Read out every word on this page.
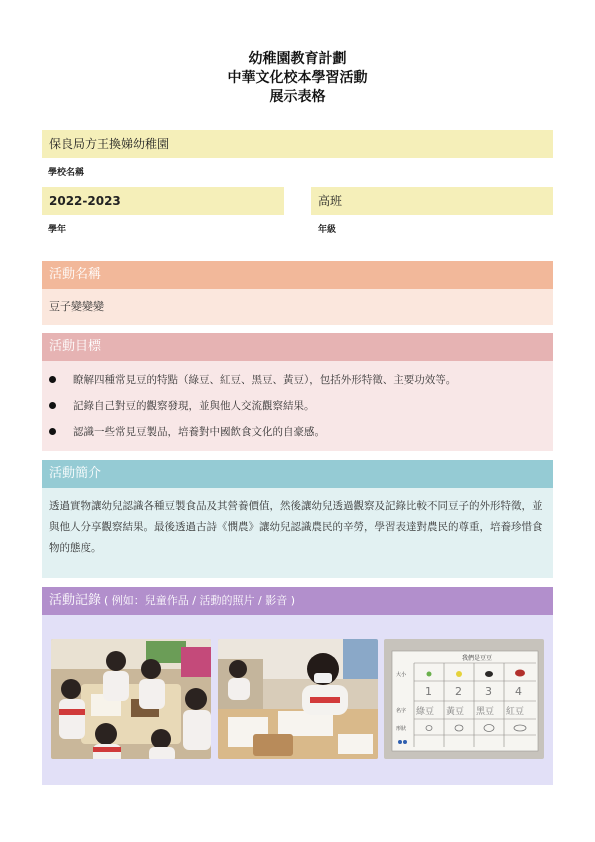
幼稚園教育計劃
中華文化校本學習活動
展示表格
保良局方王換娣幼稚園
學校名稱
2022-2023
學年
高班
年級
活動名稱
豆子變變變
活動目標
瞭解四種常見豆的特點（綠豆、紅豆、黑豆、黃豆），包括外形特徵、主要功效等。
記錄自己對豆的觀察發現，並與他人交流觀察結果。
認識一些常見豆製品，培養對中國飲食文化的自豪感。
活動簡介
透過實物讓幼兒認識各種豆製食品及其營養價值，然後讓幼兒透過觀察及記錄比較不同豆子的外形特徵，並與他人分享觀察結果。最後透過古詩《憫農》讓幼兒認識農民的辛勞，學習表達對農民的尊重，培養珍惜食物的態度。
活動記錄 ( 例如：兒童作品 / 活動的照片 / 影音 )
我們是豆豆
1 2 3 4
綠豆 黃豆 黑豆 紅豆
大小
名字
形狀
